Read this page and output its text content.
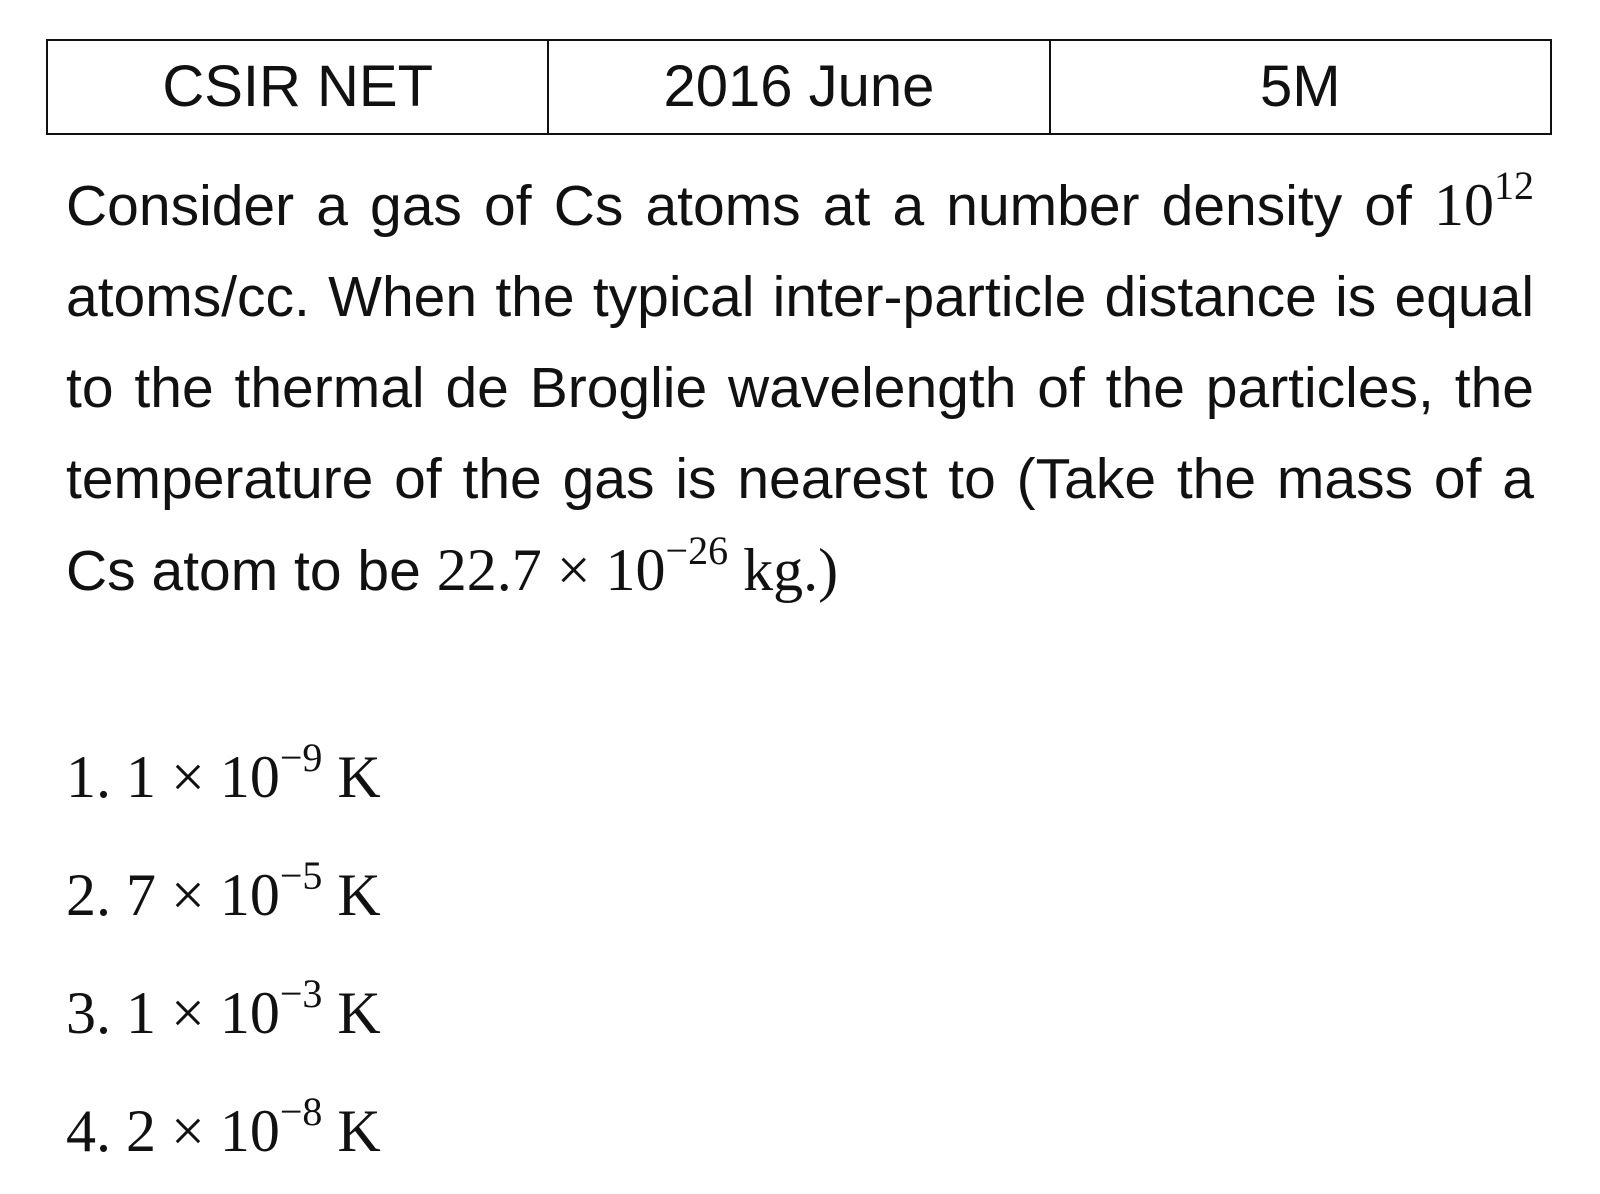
CSIR NET	2016 June	5M

Consider a gas of Cs atoms at a number density of $10^{12}$ atoms/cc. When the typical inter-particle distance is equal to the thermal de Broglie wavelength of the particles, the temperature of the gas is nearest to (Take the mass of a Cs atom to be $22.7 \times 10^{-26}$ kg.)

1. $1 \times 10^{-9}$ K
2. $7 \times 10^{-5}$ K
3. $1 \times 10^{-3}$ K
4. $2 \times 10^{-8}$ K
